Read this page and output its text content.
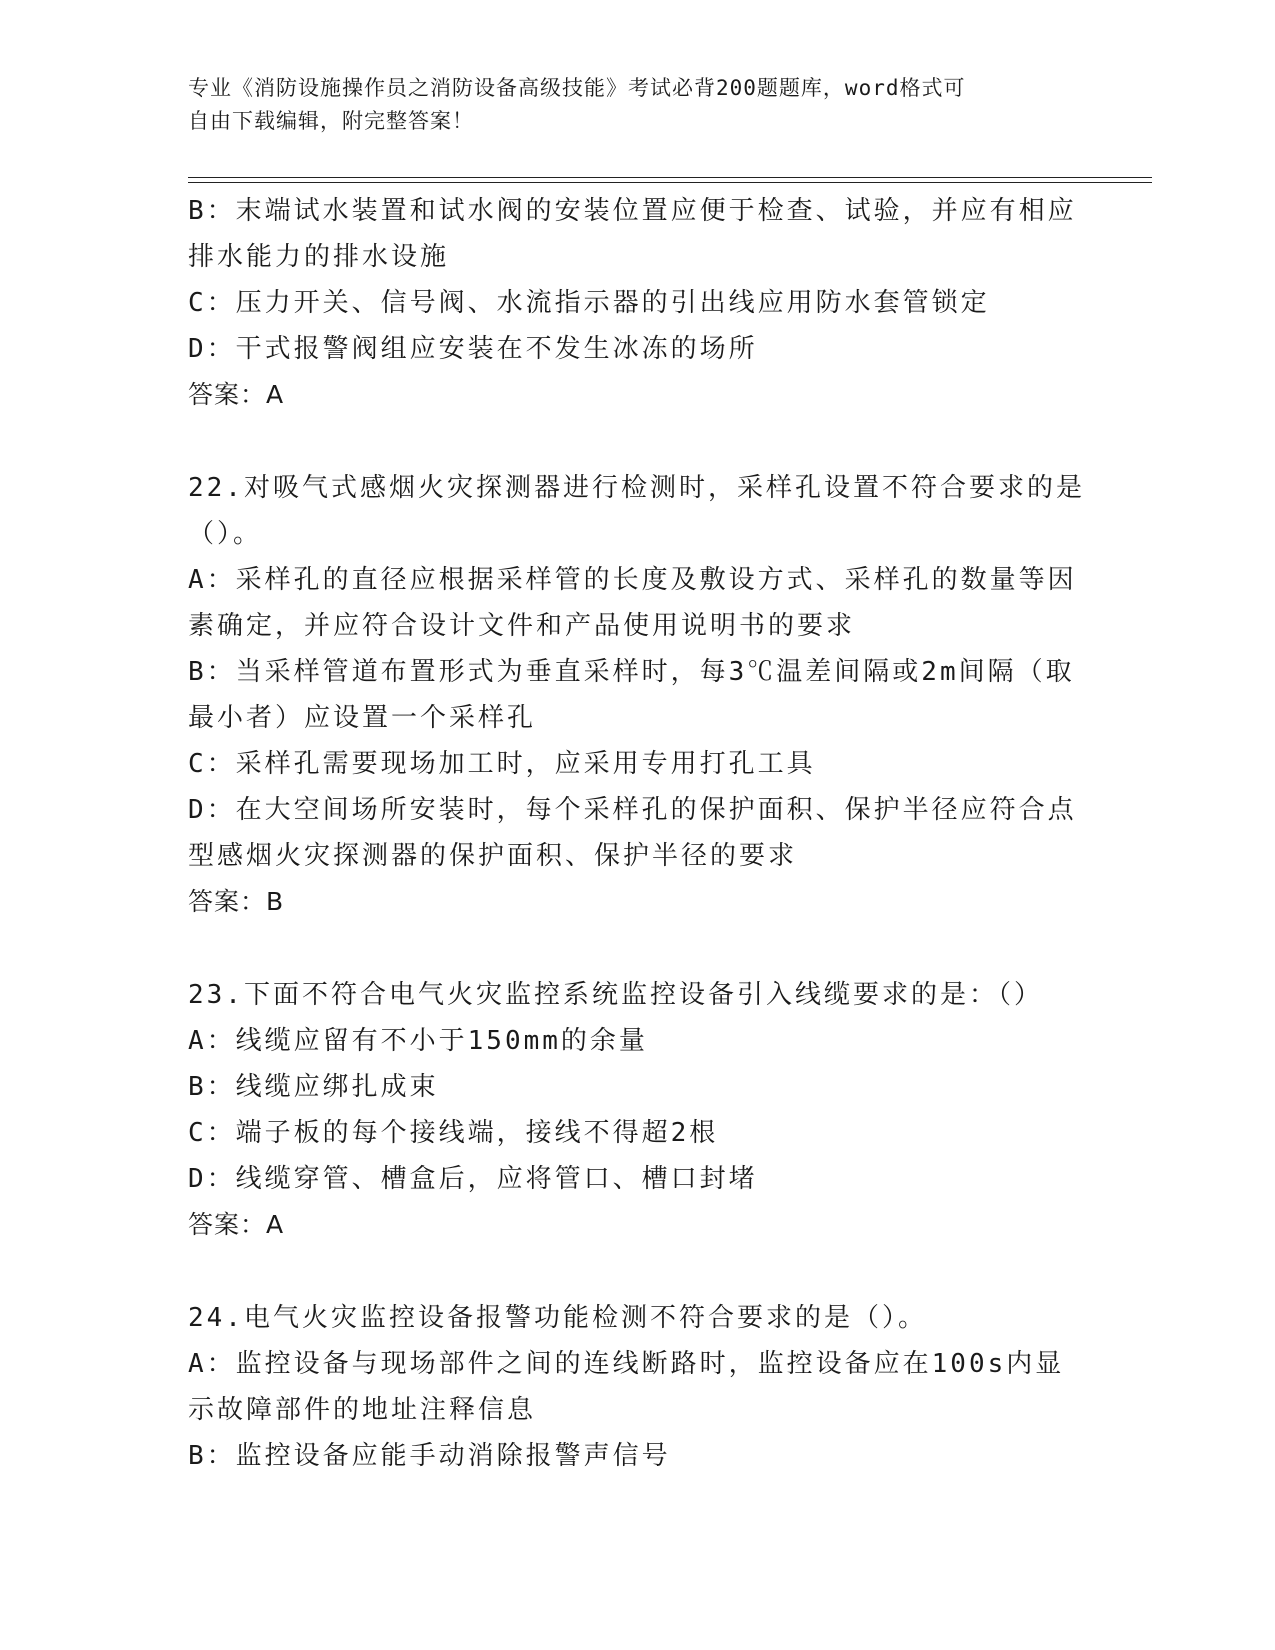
专业《消防设施操作员之消防设备高级技能》考试必背200题题库，word格式可
自由下载编辑，附完整答案！
B：末端试水装置和试水阀的安装位置应便于检查、试验，并应有相应
排水能力的排水设施
C：压力开关、信号阀、水流指示器的引出线应用防水套管锁定
D：干式报警阀组应安装在不发生冰冻的场所
答案：A
22.对吸气式感烟火灾探测器进行检测时，采样孔设置不符合要求的是
（）。
A：采样孔的直径应根据采样管的长度及敷设方式、采样孔的数量等因
素确定，并应符合设计文件和产品使用说明书的要求
B：当采样管道布置形式为垂直采样时，每3℃温差间隔或2m间隔（取
最小者）应设置一个采样孔
C：采样孔需要现场加工时，应采用专用打孔工具
D：在大空间场所安装时，每个采样孔的保护面积、保护半径应符合点
型感烟火灾探测器的保护面积、保护半径的要求
答案：B
23.下面不符合电气火灾监控系统监控设备引入线缆要求的是：（）
A：线缆应留有不小于150mm的余量
B：线缆应绑扎成束
C：端子板的每个接线端，接线不得超2根
D：线缆穿管、槽盒后，应将管口、槽口封堵
答案：A
24.电气火灾监控设备报警功能检测不符合要求的是（）。
A：监控设备与现场部件之间的连线断路时，监控设备应在100s内显
示故障部件的地址注释信息
B：监控设备应能手动消除报警声信号
